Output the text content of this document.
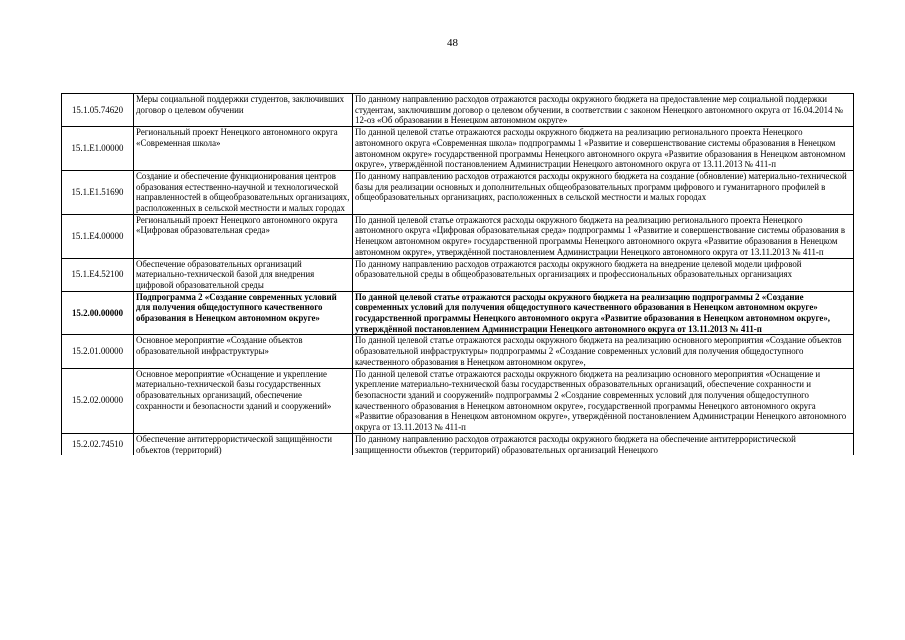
48
15.1.05.74620	Меры социальной поддержки студентов, заключивших договор о целевом обучении	По данному направлению расходов отражаются расходы окружного бюджета на предоставление мер социальной поддержки студентам, заключившим договор о целевом обучении, в соответствии с законом Ненецкого автономного округа от 16.04.2014 № 12-оз «Об образовании в Ненецком автономном округе»
15.1.E1.00000	Региональный проект Ненецкого автономного округа «Современная школа»	По данной целевой статье отражаются расходы окружного бюджета на реализацию регионального проекта Ненецкого автономного округа «Современная школа» подпрограммы 1 «Развитие и совершенствование системы образования в Ненецком автономном округе» государственной программы Ненецкого автономного округа «Развитие образования в Ненецком автономном округе», утверждённой постановлением Администрации Ненецкого автономного округа от 13.11.2013 № 411-п
15.1.E1.51690	Создание и обеспечение функционирования центров образования естественно-научной и технологической направленностей в общеобразовательных организациях, расположенных в сельской местности и малых городах	По данному направлению расходов отражаются расходы окружного бюджета на создание (обновление) материально-технической базы для реализации основных и дополнительных общеобразовательных программ цифрового и гуманитарного профилей в общеобразовательных организациях, расположенных в сельской местности и малых городах
15.1.E4.00000	Региональный проект Ненецкого автономного округа «Цифровая образовательная среда»	По данной целевой статье отражаются расходы окружного бюджета на реализацию регионального проекта Ненецкого автономного округа «Цифровая образовательная среда» подпрограммы 1 «Развитие и совершенствование системы образования в Ненецком автономном округе» государственной программы Ненецкого автономного округа «Развитие образования в Ненецком автономном округе», утверждённой постановлением Администрации Ненецкого автономного округа от 13.11.2013 № 411-п
15.1.E4.52100	Обеспечение образовательных организаций материально-технической базой для внедрения цифровой образовательной среды	По данному направлению расходов отражаются расходы окружного бюджета на внедрение целевой модели цифровой образовательной среды в общеобразовательных организациях и профессиональных образовательных организациях
15.2.00.00000	Подпрограмма 2 «Создание современных условий для получения общедоступного качественного образования в Ненецком автономном округе»	По данной целевой статье отражаются расходы окружного бюджета на реализацию подпрограммы 2 «Создание современных условий для получения общедоступного качественного образования в Ненецком автономном округе» государственной программы Ненецкого автономного округа «Развитие образования в Ненецком автономном округе», утверждённой постановлением Администрации Ненецкого автономного округа от 13.11.2013 № 411-п
15.2.01.00000	Основное мероприятие «Создание объектов образовательной инфраструктуры»	По данной целевой статье отражаются расходы окружного бюджета на реализацию основного мероприятия «Создание объектов образовательной инфраструктуры» подпрограммы 2 «Создание современных условий для получения общедоступного качественного образования в Ненецком автономном округе»,
15.2.02.00000	Основное мероприятие «Оснащение и укрепление материально-технической базы государственных образовательных организаций, обеспечение сохранности и безопасности зданий и сооружений»	По данной целевой статье отражаются расходы окружного бюджета на реализацию основного мероприятия «Оснащение и укрепление материально-технической базы государственных образовательных организаций, обеспечение сохранности и безопасности зданий и сооружений» подпрограммы 2 «Создание современных условий для получения общедоступного качественного образования в Ненецком автономном округе», государственной программы Ненецкого автономного округа «Развитие образования в Ненецком автономном округе», утверждённой постановлением Администрации Ненецкого автономного округа от 13.11.2013 № 411-п
15.2.02.74510	Обеспечение антитеррористической защищённости объектов (территорий)	По данному направлению расходов отражаются расходы окружного бюджета на обеспечение антитеррористической защищенности объектов (территорий) образовательных организаций Ненецкого
